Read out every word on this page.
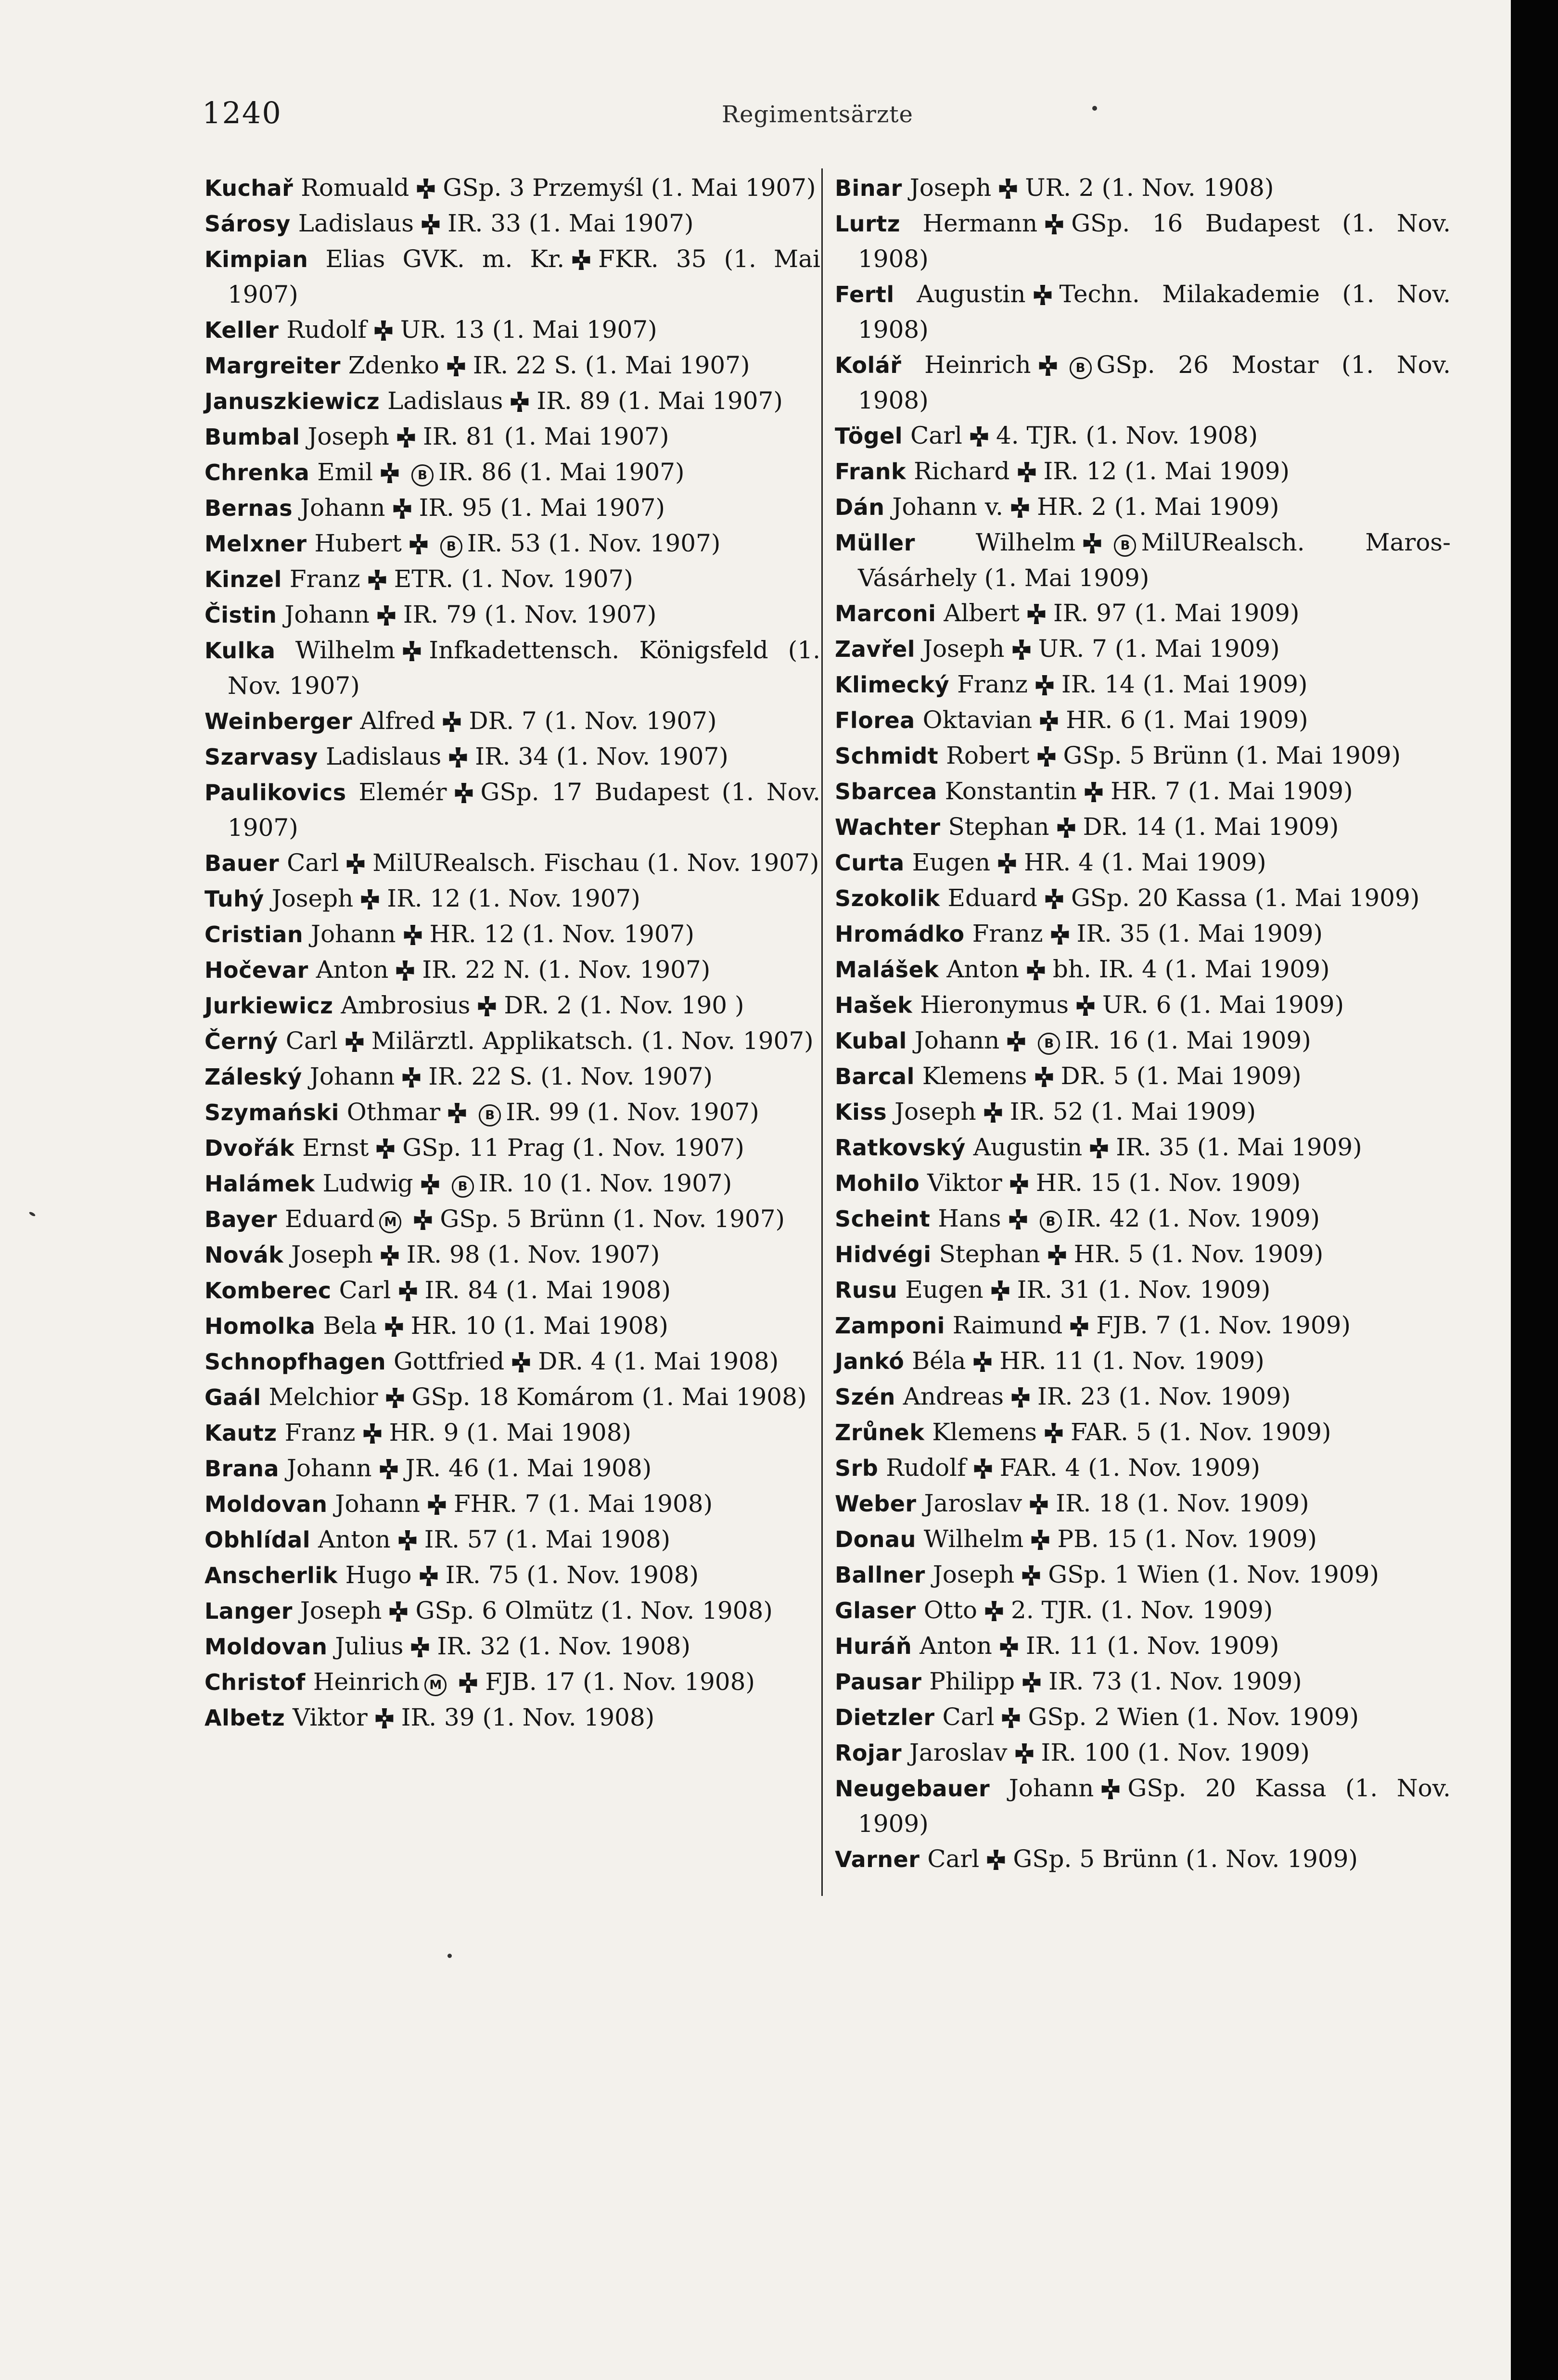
1240	Regimentsärzte
Kuchař Romuald GSp. 3 Przemyśl (1. Mai 1907)
Sárosy Ladislaus IR. 33 (1. Mai 1907)
Kimpian Elias GVK. m. Kr. FKR. 35 (1. Mai 1907)
Keller Rudolf UR. 13 (1. Mai 1907)
Margreiter Zdenko IR. 22 S. (1. Mai 1907)
Januszkiewicz Ladislaus IR. 89 (1. Mai 1907)
Bumbal Joseph IR. 81 (1. Mai 1907)
Chrenka Emil	B IR. 86 (1. Mai 1907)
Bernas Johann IR. 95 (1. Mai 1907)
Melxner Hubert	B IR. 53 (1. Nov. 1907)
Kinzel Franz ETR. (1. Nov. 1907)
Čistin Johann IR. 79 (1. Nov. 1907)
Kulka Wilhelm Infkadettensch. Königsfeld (1. Nov. 1907)
Weinberger Alfred DR. 7 (1. Nov. 1907)
Szarvasy Ladislaus IR. 34 (1. Nov. 1907)
Paulikovics Elemér GSp. 17 Budapest (1. Nov. 1907)
Bauer Carl MilURealsch. Fischau (1. Nov. 1907)
Tuhý Joseph IR. 12 (1. Nov. 1907)
Cristian Johann HR. 12 (1. Nov. 1907)
Hočevar Anton IR. 22 N. (1. Nov. 1907)
Jurkiewicz Ambrosius DR. 2 (1. Nov. 190 )
Černý Carl Milärztl. Applikatsch. (1. Nov. 1907)
Záleský Johann IR. 22 S. (1. Nov. 1907)
Szymański Othmar	B IR. 99 (1. Nov. 1907)
Dvořák Ernst GSp. 11 Prag (1. Nov. 1907)
Halámek Ludwig	B IR. 10 (1. Nov. 1907)
Bayer Eduard M GSp. 5 Brünn (1. Nov. 1907)
Novák Joseph IR. 98 (1. Nov. 1907)
Komberec Carl IR. 84 (1. Mai 1908)
Homolka Bela HR. 10 (1. Mai 1908)
Schnopfhagen Gottfried DR. 4 (1. Mai 1908)
Gaál Melchior GSp. 18 Komárom (1. Mai 1908)
Kautz Franz HR. 9 (1. Mai 1908)
Brana Johann JR. 46 (1. Mai 1908)
Moldovan Johann FHR. 7 (1. Mai 1908)
Obhlídal Anton IR. 57 (1. Mai 1908)
Anscherlik Hugo IR. 75 (1. Nov. 1908)
Langer Joseph GSp. 6 Olmütz (1. Nov. 1908)
Moldovan Julius IR. 32 (1. Nov. 1908)
Christof Heinrich M FJB. 17 (1. Nov. 1908)
Albetz Viktor IR. 39 (1. Nov. 1908)
Binar Joseph UR. 2 (1. Nov. 1908)
Lurtz Hermann GSp. 16 Budapest (1. Nov. 1908)
Fertl Augustin Techn. Milakademie (1. Nov. 1908)
Kolář Heinrich	B GSp. 26 Mostar (1. Nov. 1908)
Tögel Carl 4. TJR. (1. Nov. 1908)
Frank Richard IR. 12 (1. Mai 1909)
Dán Johann v. HR. 2 (1. Mai 1909)
Müller	Wilhelm	B MilURealsch. Maros-Vásárhely (1. Mai 1909)
Marconi Albert IR. 97 (1. Mai 1909)
Zavřel Joseph UR. 7 (1. Mai 1909)
Klimecký Franz IR. 14 (1. Mai 1909)
Florea Oktavian HR. 6 (1. Mai 1909)
Schmidt Robert GSp. 5 Brünn (1. Mai 1909)
Sbarcea Konstantin HR. 7 (1. Mai 1909)
Wachter Stephan DR. 14 (1. Mai 1909)
Curta Eugen HR. 4 (1. Mai 1909)
Szokolik Eduard GSp. 20 Kassa (1. Mai 1909)
Hromádko Franz IR. 35 (1. Mai 1909)
Malášek Anton bh. IR. 4 (1. Mai 1909)
Hašek Hieronymus UR. 6 (1. Mai 1909)
Kubal Johann	B IR. 16 (1. Mai 1909)
Barcal Klemens DR. 5 (1. Mai 1909)
Kiss Joseph IR. 52 (1. Mai 1909)
Ratkovský Augustin IR. 35 (1. Mai 1909)
Mohilo Viktor HR. 15 (1. Nov. 1909)
Scheint Hans	B IR. 42 (1. Nov. 1909)
Hidvégi Stephan HR. 5 (1. Nov. 1909)
Rusu Eugen IR. 31 (1. Nov. 1909)
Zamponi Raimund FJB. 7 (1. Nov. 1909)
Jankó Béla HR. 11 (1. Nov. 1909)
Szén Andreas IR. 23 (1. Nov. 1909)
Zrůnek Klemens FAR. 5 (1. Nov. 1909)
Srb Rudolf FAR. 4 (1. Nov. 1909)
Weber Jaroslav IR. 18 (1. Nov. 1909)
Donau Wilhelm PB. 15 (1. Nov. 1909)
Ballner Joseph GSp. 1 Wien (1. Nov. 1909)
Glaser Otto 2. TJR. (1. Nov. 1909)
Huráň Anton IR. 11 (1. Nov. 1909)
Pausar Philipp IR. 73 (1. Nov. 1909)
Dietzler Carl GSp. 2 Wien (1. Nov. 1909)
Rojar Jaroslav IR. 100 (1. Nov. 1909)
Neugebauer Johann GSp. 20 Kassa (1. Nov. 1909)
Varner Carl GSp. 5 Brünn (1. Nov. 1909)
